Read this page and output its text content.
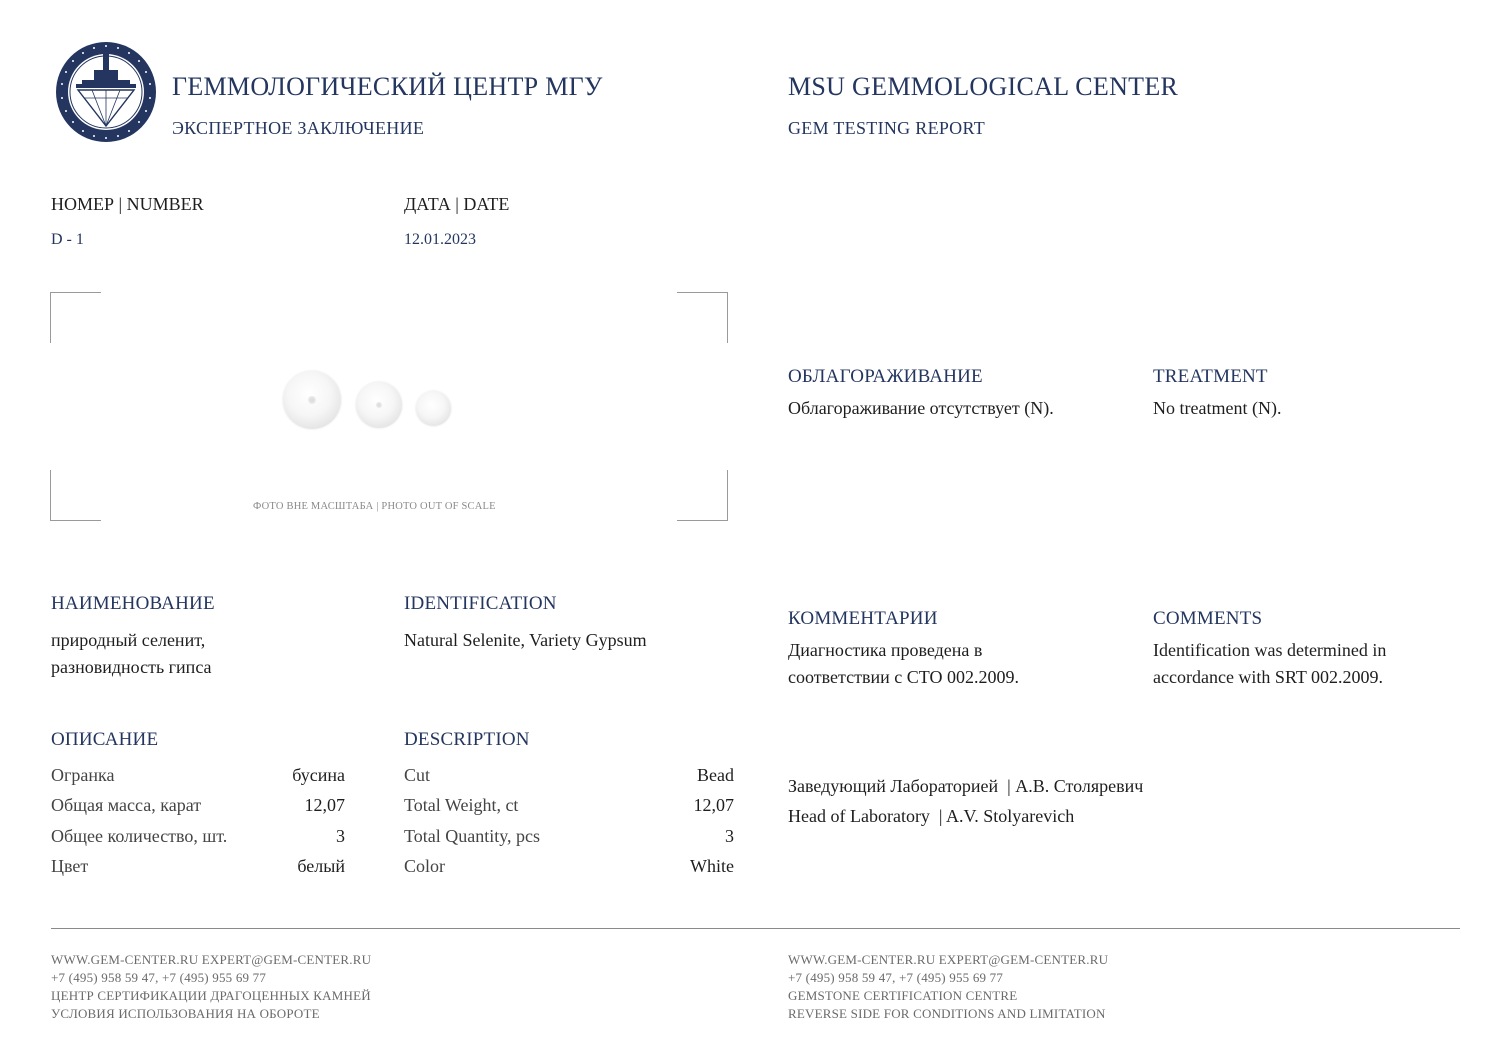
ГЕММОЛОГИЧЕСКИЙ ЦЕНТР МГУ
ЭКСПЕРТНОЕ ЗАКЛЮЧЕНИЕ
MSU GEMMOLOGICAL CENTER
GEM TESTING REPORT
НОМЕР | NUMBER
D - 1
ДАТА | DATE
12.01.2023
ФОТО ВНЕ МАСШТАБА | PHOTO OUT OF SCALE
ОБЛАГОРАЖИВАНИЕ
Облагораживание отсутствует (N).
TREATMENT
No treatment (N).
НАИМЕНОВАНИЕ
природный селенит, разновидность гипса
IDENTIFICATION
Natural Selenite, Variety Gypsum
КОММЕНТАРИИ
Диагностика проведена в соответствии с СТО 002.2009.
COMMENTS
Identification was determined in accordance with SRT 002.2009.
ОПИСАНИЕ	DESCRIPTION
Огранка	бусина
Общая масса, карат	12,07
Общее количество, шт.	3
Цвет	белый
Cut	Bead
Total Weight, ct	12,07
Total Quantity, pcs	3
Color	White
Заведующий Лабораторией  | А.В. Столяревич
Head of Laboratory  | A.V. Stolyarevich
WWW.GEM-CENTER.RU EXPERT@GEM-CENTER.RU
+7 (495) 958 59 47, +7 (495) 955 69 77
ЦЕНТР СЕРТИФИКАЦИИ ДРАГОЦЕННЫХ КАМНЕЙ
УСЛОВИЯ ИСПОЛЬЗОВАНИЯ НА ОБОРОТЕ
WWW.GEM-CENTER.RU EXPERT@GEM-CENTER.RU
+7 (495) 958 59 47, +7 (495) 955 69 77
GEMSTONE CERTIFICATION CENTRE
REVERSE SIDE FOR CONDITIONS AND LIMITATION
